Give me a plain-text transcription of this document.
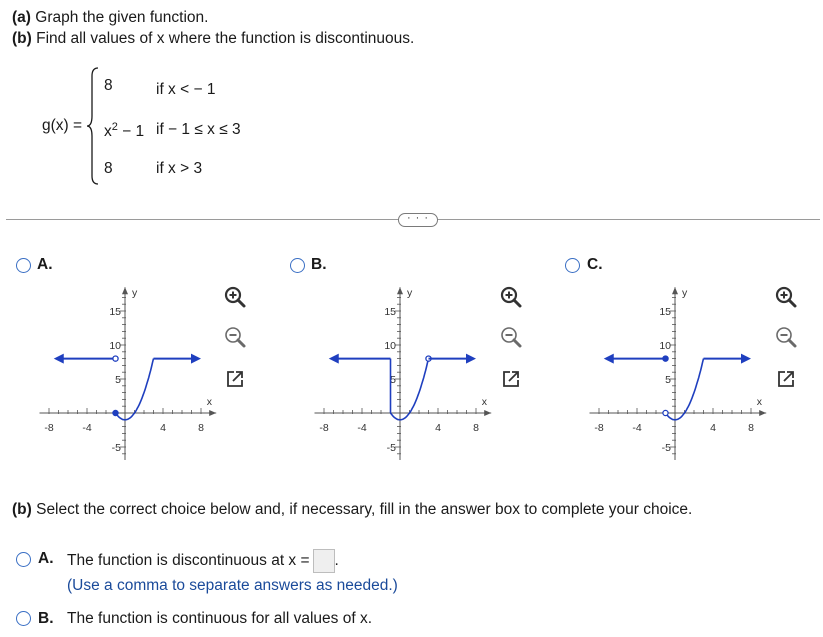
(a) Graph the given function.
(b) Find all values of x where the function is discontinuous.
g(x) =
8	if x < − 1
$x^2 - 1$ if − 1 ≤ x ≤ 3
8	if x > 3
· · ·
A.
-8	-4	4	8
15
10
5
-5
x
y
B.
-8	-4	4	8
15
10
5
-5
x
y
C.
-8	-4	4	8
15
10
5
-5
x
y
(b) Select the correct choice below and, if necessary, fill in the answer box to complete your choice.
A. The function is discontinuous at x = .
(Use a comma to separate answers as needed.)
B. The function is continuous for all values of x.
